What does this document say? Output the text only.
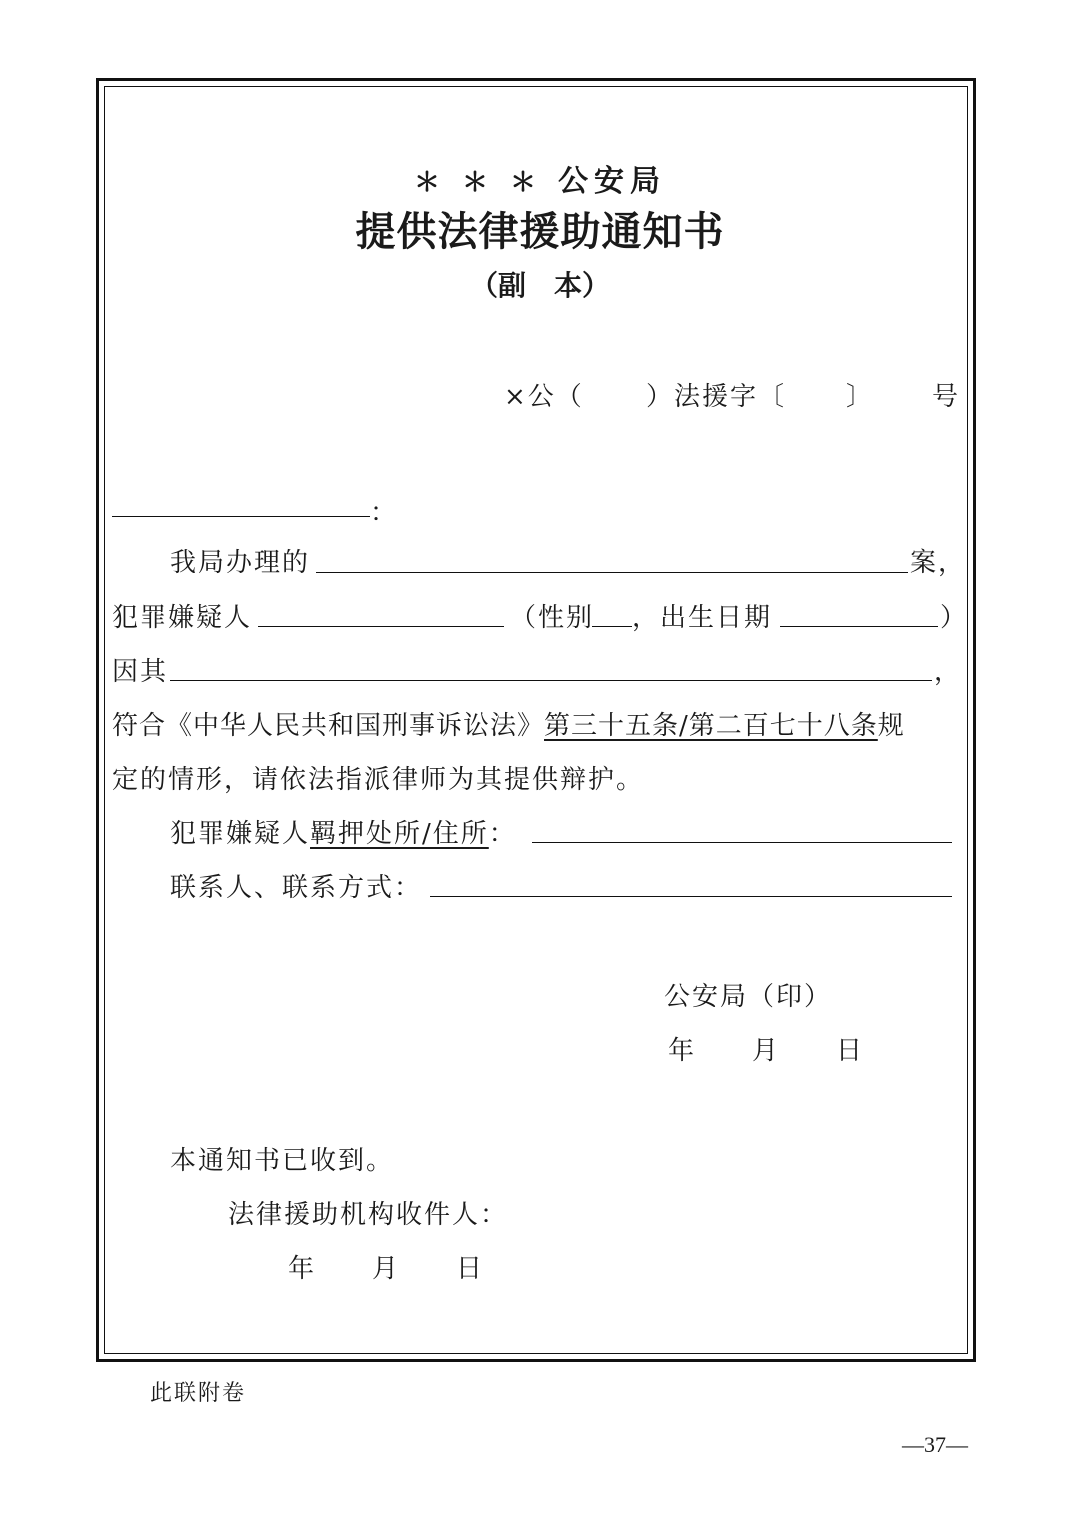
＊＊＊公安局
提供法律援助通知书
（副　本）
×公（ ）法援字〔 〕 号
：
我局办理的	案，
犯罪嫌疑人	（性别 ，出生日期	）
因其	，
符合《中华人民共和国刑事诉讼法》第三十五条/第二百七十八条规
定的情形，请依法指派律师为其提供辩护。
犯罪嫌疑人羁押处所/住所：
联系人、联系方式：
公安局（印）
年　　月　　日
本通知书已收到。
法律援助机构收件人：
年　　月　　日
此联附卷
—37—
